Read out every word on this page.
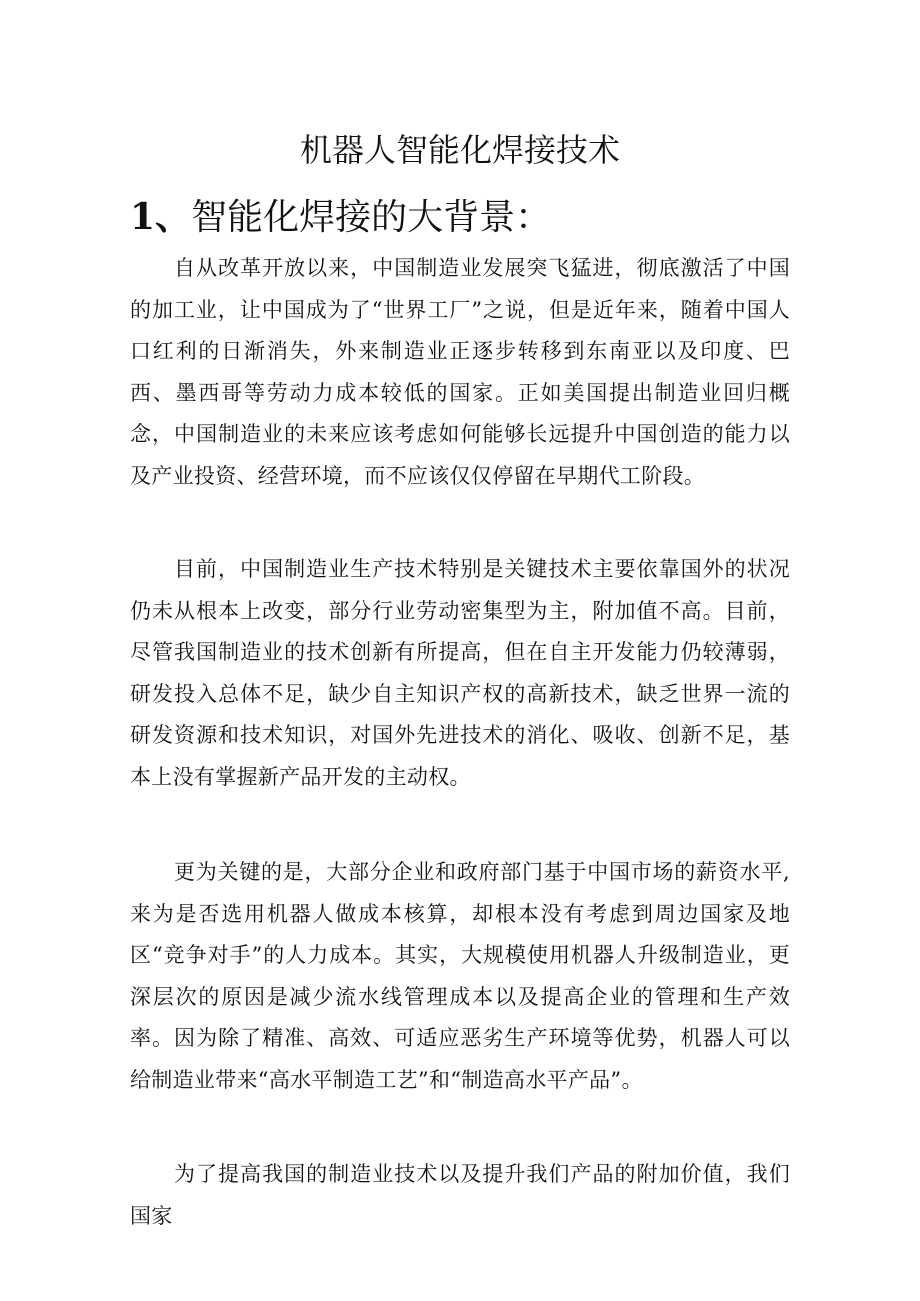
机器人智能化焊接技术
1、智能化焊接的大背景：

自从改革开放以来，中国制造业发展突飞猛进，彻底激活了中国的加工业，让中国成为了“世界工厂”之说，但是近年来，随着中国人口红利的日渐消失，外来制造业正逐步转移到东南亚以及印度、巴西、墨西哥等劳动力成本较低的国家。正如美国提出制造业回归概念，中国制造业的未来应该考虑如何能够长远提升中国创造的能力以及产业投资、经营环境，而不应该仅仅停留在早期代工阶段。

目前，中国制造业生产技术特别是关键技术主要依靠国外的状况仍未从根本上改变，部分行业劳动密集型为主，附加值不高。目前，尽管我国制造业的技术创新有所提高，但在自主开发能力仍较薄弱，研发投入总体不足，缺少自主知识产权的高新技术，缺乏世界一流的研发资源和技术知识，对国外先进技术的消化、吸收、创新不足，基本上没有掌握新产品开发的主动权。

更为关键的是，大部分企业和政府部门基于中国市场的薪资水平,来为是否选用机器人做成本核算，却根本没有考虑到周边国家及地区“竞争对手”的人力成本。其实，大规模使用机器人升级制造业，更深层次的原因是减少流水线管理成本以及提高企业的管理和生产效率。因为除了精准、高效、可适应恶劣生产环境等优势，机器人可以给制造业带来“高水平制造工艺”和“制造高水平产品”。

为了提高我国的制造业技术以及提升我们产品的附加价值，我们国家
